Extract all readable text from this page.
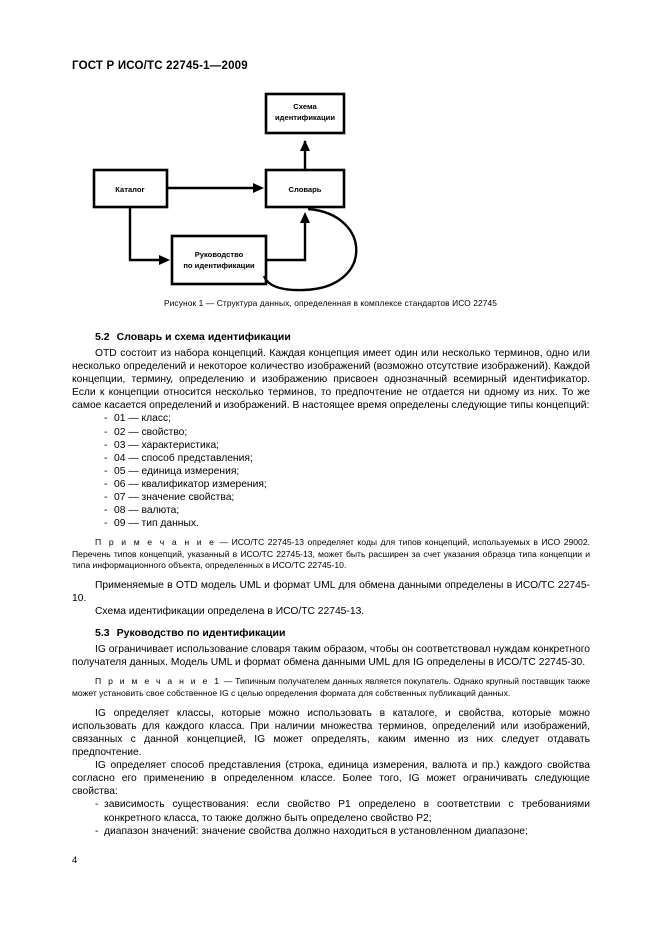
ГОСТ Р ИСО/ТС 22745-1—2009
Схема
идентификации
Каталог	Словарь
Руководство
по идентификации
Рисунок 1 — Структура данных, определенная в комплексе стандартов ИСО 22745
5.2 Словарь и схема идентификации

OTD состоит из набора концепций. Каждая концепция имеет один или несколько терминов, одно или несколько определений и некоторое количество изображений (возможно отсутствие изображений). Каждой концепции, термину, определению и изображению присвоен однозначный всемирный идентификатор. Если к концепции относится несколько терминов, то предпочтение не отдается ни одному из них. То же самое касается определений и изображений. В настоящее время определены следующие типы концепций:

- 01 — класс;
- 02 — свойство;
- 03 — характеристика;
- 04 — способ представления;
- 05 — единица измерения;
- 06 — квалификатор измерения;
- 07 — значение свойства;
- 08 — валюта;
- 09 — тип данных.

П р и м е ч а н и е — ИСО/ТС 22745-13 определяет коды для типов концепций, используемых в ИСО 29002. Перечень типов концепций, указанный в ИСО/ТС 22745-13, может быть расширен за счет указания образца типа концепции и типа информационного объекта, определенных в ИСО/ТС 22745-10.

Применяемые в OTD модель UML и формат UML для обмена данными определены в ИСО/ТС 22745-10.

Схема идентификации определена в ИСО/ТС 22745-13.

5.3 Руководство по идентификации

IG ограничивает использование словаря таким образом, чтобы он соответствовал нуждам конкретного получателя данных. Модель UML и формат обмена данными UML для IG определены в ИСО/ТС 22745-30.

П р и м е ч а н и е 1 — Типичным получателем данных является покупатель. Однако крупный поставщик также может установить свое собственное IG с целью определения формата для собственных публикаций данных.

IG определяет классы, которые можно использовать в каталоге, и свойства, которые можно использовать для каждого класса. При наличии множества терминов, определений или изображений, связанных с данной концепцией, IG может определять, каким именно из них следует отдавать предпочтение.

IG определяет способ представления (строка, единица измерения, валюта и пр.) каждого свойства согласно его применению в определенном классе. Более того, IG может ограничивать следующие свойства:

- зависимость существования: если свойство Р1 определено в соответствии с требованиями конкретного класса, то также должно быть определено свойство Р2;
- диапазон значений: значение свойства должно находиться в установленном диапазоне;
4
